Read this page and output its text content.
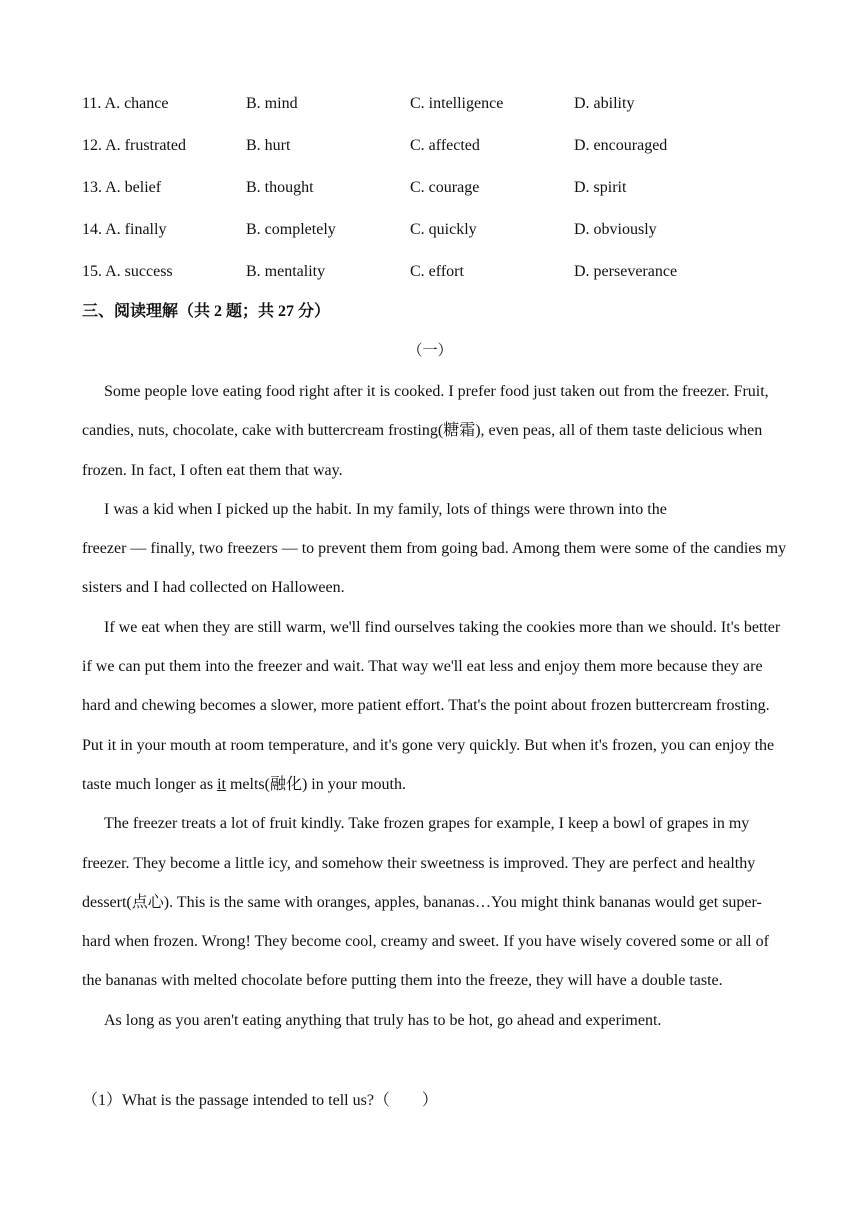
11. A. chance	B. mind	C. intelligence	D. ability
12. A. frustrated	B. hurt	C. affected	D. encouraged
13. A. belief	B. thought	C. courage	D. spirit
14. A. finally	B. completely	C. quickly	D. obviously
15. A. success	B. mentality	C. effort	D. perseverance
三、阅读理解（共 2 题；共 27 分）
（一）

Some people love eating food right after it is cooked. I prefer food just taken out from the freezer. Fruit, candies, nuts, chocolate, cake with buttercream frosting(糖霜), even peas, all of them taste delicious when frozen. In fact, I often eat them that way.

I was a kid when I picked up the habit. In my family, lots of things were thrown into the

freezer — finally, two freezers — to prevent them from going bad. Among them were some of the candies my sisters and I had collected on Halloween.

If we eat when they are still warm, we'll find ourselves taking the cookies more than we should. It's better if we can put them into the freezer and wait. That way we'll eat less and enjoy them more because they are hard and chewing becomes a slower, more patient effort. That's the point about frozen buttercream frosting. Put it in your mouth at room temperature, and it's gone very quickly. But when it's frozen, you can enjoy the taste much longer as it melts(融化) in your mouth.

The freezer treats a lot of fruit kindly. Take frozen grapes for example, I keep a bowl of grapes in my freezer. They become a little icy, and somehow their sweetness is improved. They are perfect and healthy dessert(点心). This is the same with oranges, apples, bananas…You might think bananas would get super-hard when frozen. Wrong! They become cool, creamy and sweet. If you have wisely covered some or all of the bananas with melted chocolate before putting them into the freeze, they will have a double taste.

As long as you aren't eating anything that truly has to be hot, go ahead and experiment.

（1）What is the passage intended to tell us?（　　）
